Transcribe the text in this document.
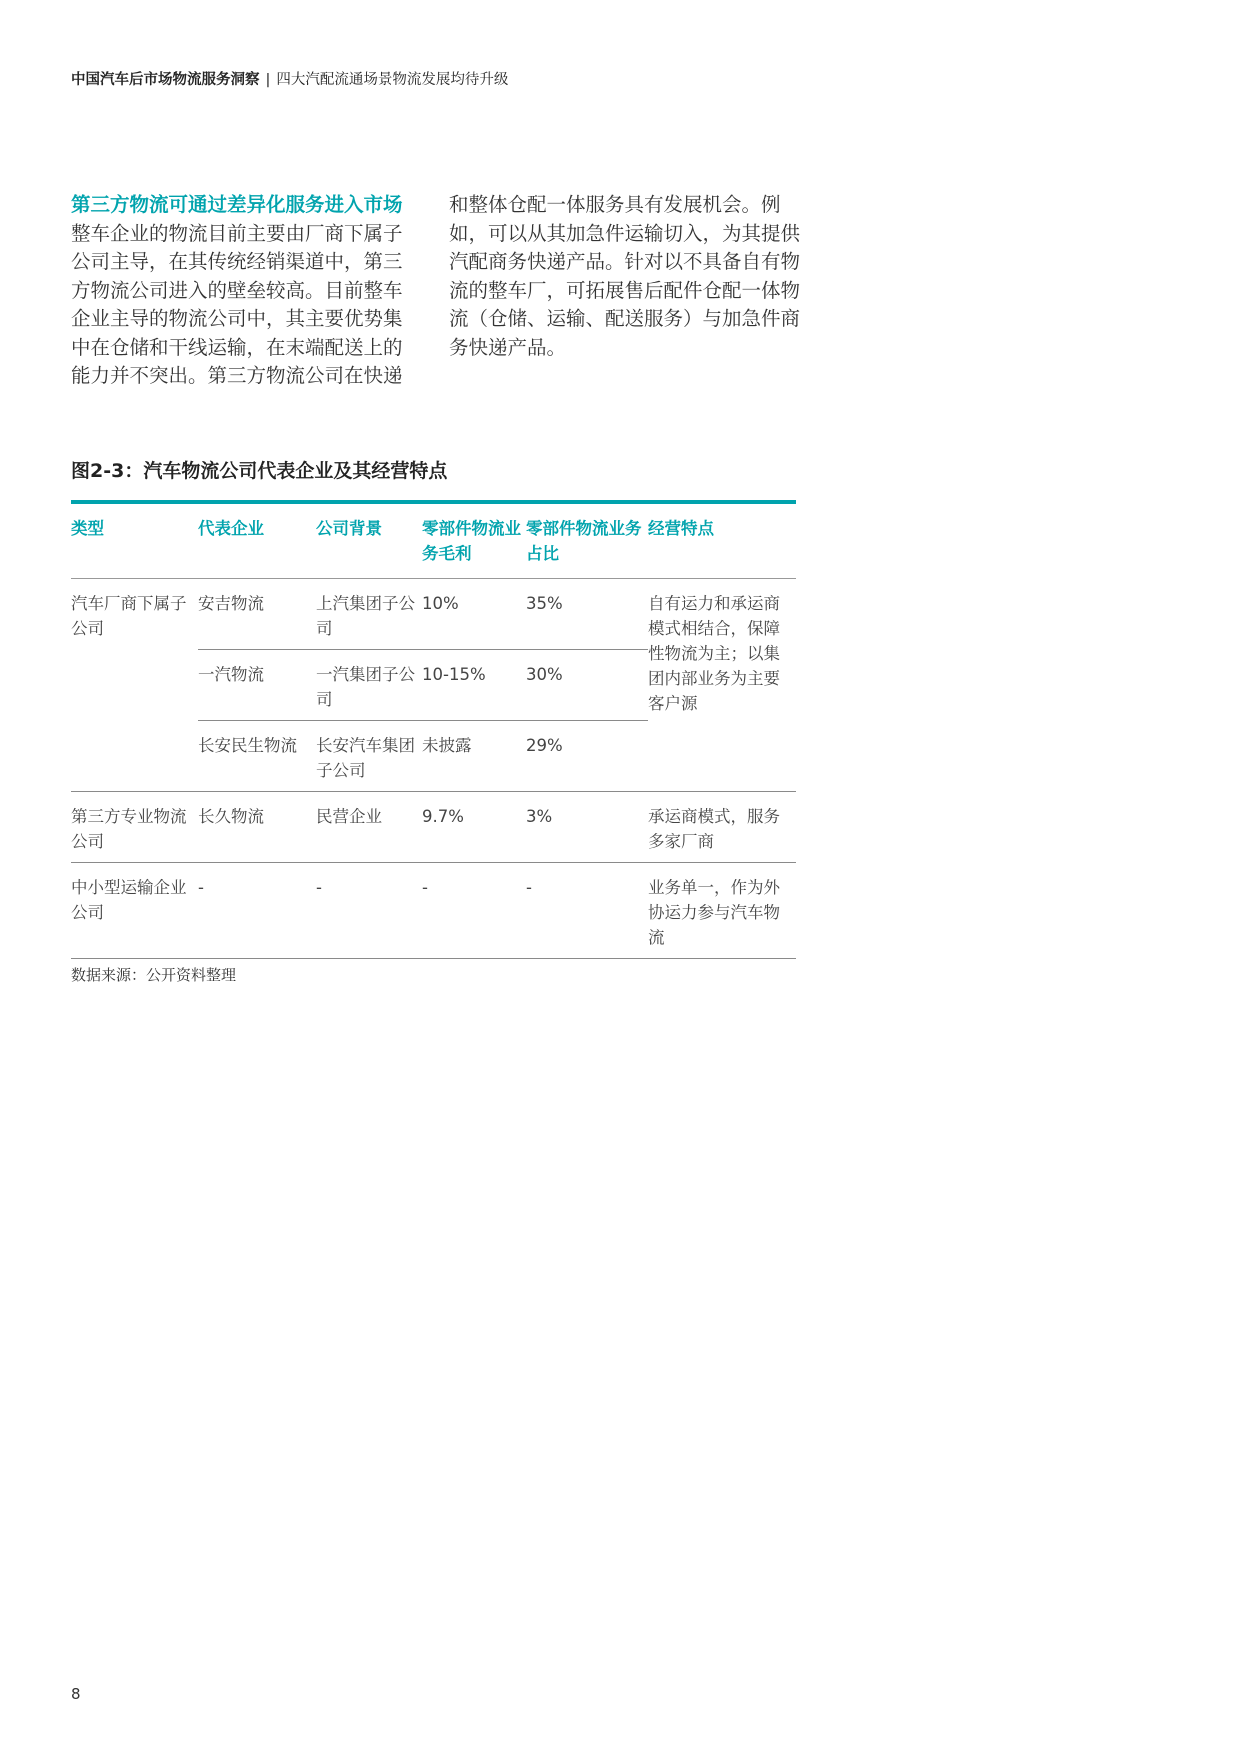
中国汽车后市场物流服务洞察 | 四大汽配流通场景物流发展均待升级
第三方物流可通过差异化服务进入市场

整车企业的物流目前主要由厂商下属子公司主导，在其传统经销渠道中，第三方物流公司进入的壁垒较高。目前整车企业主导的物流公司中，其主要优势集中在仓储和干线运输，在末端配送上的能力并不突出。第三方物流公司在快递

和整体仓配一体服务具有发展机会。例如，可以从其加急件运输切入，为其提供汽配商务快递产品。针对以不具备自有物流的整车厂，可拓展售后配件仓配一体物流（仓储、运输、配送服务）与加急件商务快递产品。

图2-3：汽车物流公司代表企业及其经营特点
类型	代表企业	公司背景	零部件物流业务毛利	零部件物流业务占比	经营特点
汽车厂商下属子公司	安吉物流	上汽集团子公司	10%	35%	自有运力和承运商模式相结合，保障性物流为主；以集团内部业务为主要客户源
	一汽物流	一汽集团子公司	10-15%	30%	
	长安民生物流	长安汽车集团子公司	未披露	29%	
第三方专业物流公司	长久物流	民营企业	9.7%	3%	承运商模式，服务多家厂商
中小型运输企业公司	-	-	-	-	业务单一，作为外协运力参与汽车物流
数据来源：公开资料整理
8
